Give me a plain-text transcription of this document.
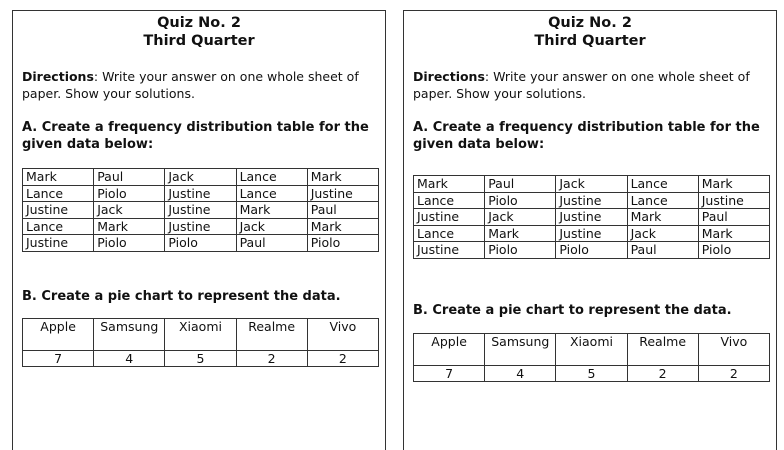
Quiz No. 2
Third Quarter
Directions: Write your answer on one whole sheet of paper. Show your solutions.
A. Create a frequency distribution table for the given data below:
Mark	Paul	Jack	Lance	Mark
Lance	Piolo	Justine	Lance	Justine
Justine	Jack	Justine	Mark	Paul
Lance	Mark	Justine	Jack	Mark
Justine	Piolo	Piolo	Paul	Piolo
B. Create a pie chart to represent the data.
Apple	Samsung	Xiaomi	Realme	Vivo
7	4	5	2	2
Quiz No. 2
Third Quarter
Directions: Write your answer on one whole sheet of paper. Show your solutions.
A. Create a frequency distribution table for the given data below:
Mark	Paul	Jack	Lance	Mark
Lance	Piolo	Justine	Lance	Justine
Justine	Jack	Justine	Mark	Paul
Lance	Mark	Justine	Jack	Mark
Justine	Piolo	Piolo	Paul	Piolo
B. Create a pie chart to represent the data.
Apple	Samsung	Xiaomi	Realme	Vivo
7	4	5	2	2
